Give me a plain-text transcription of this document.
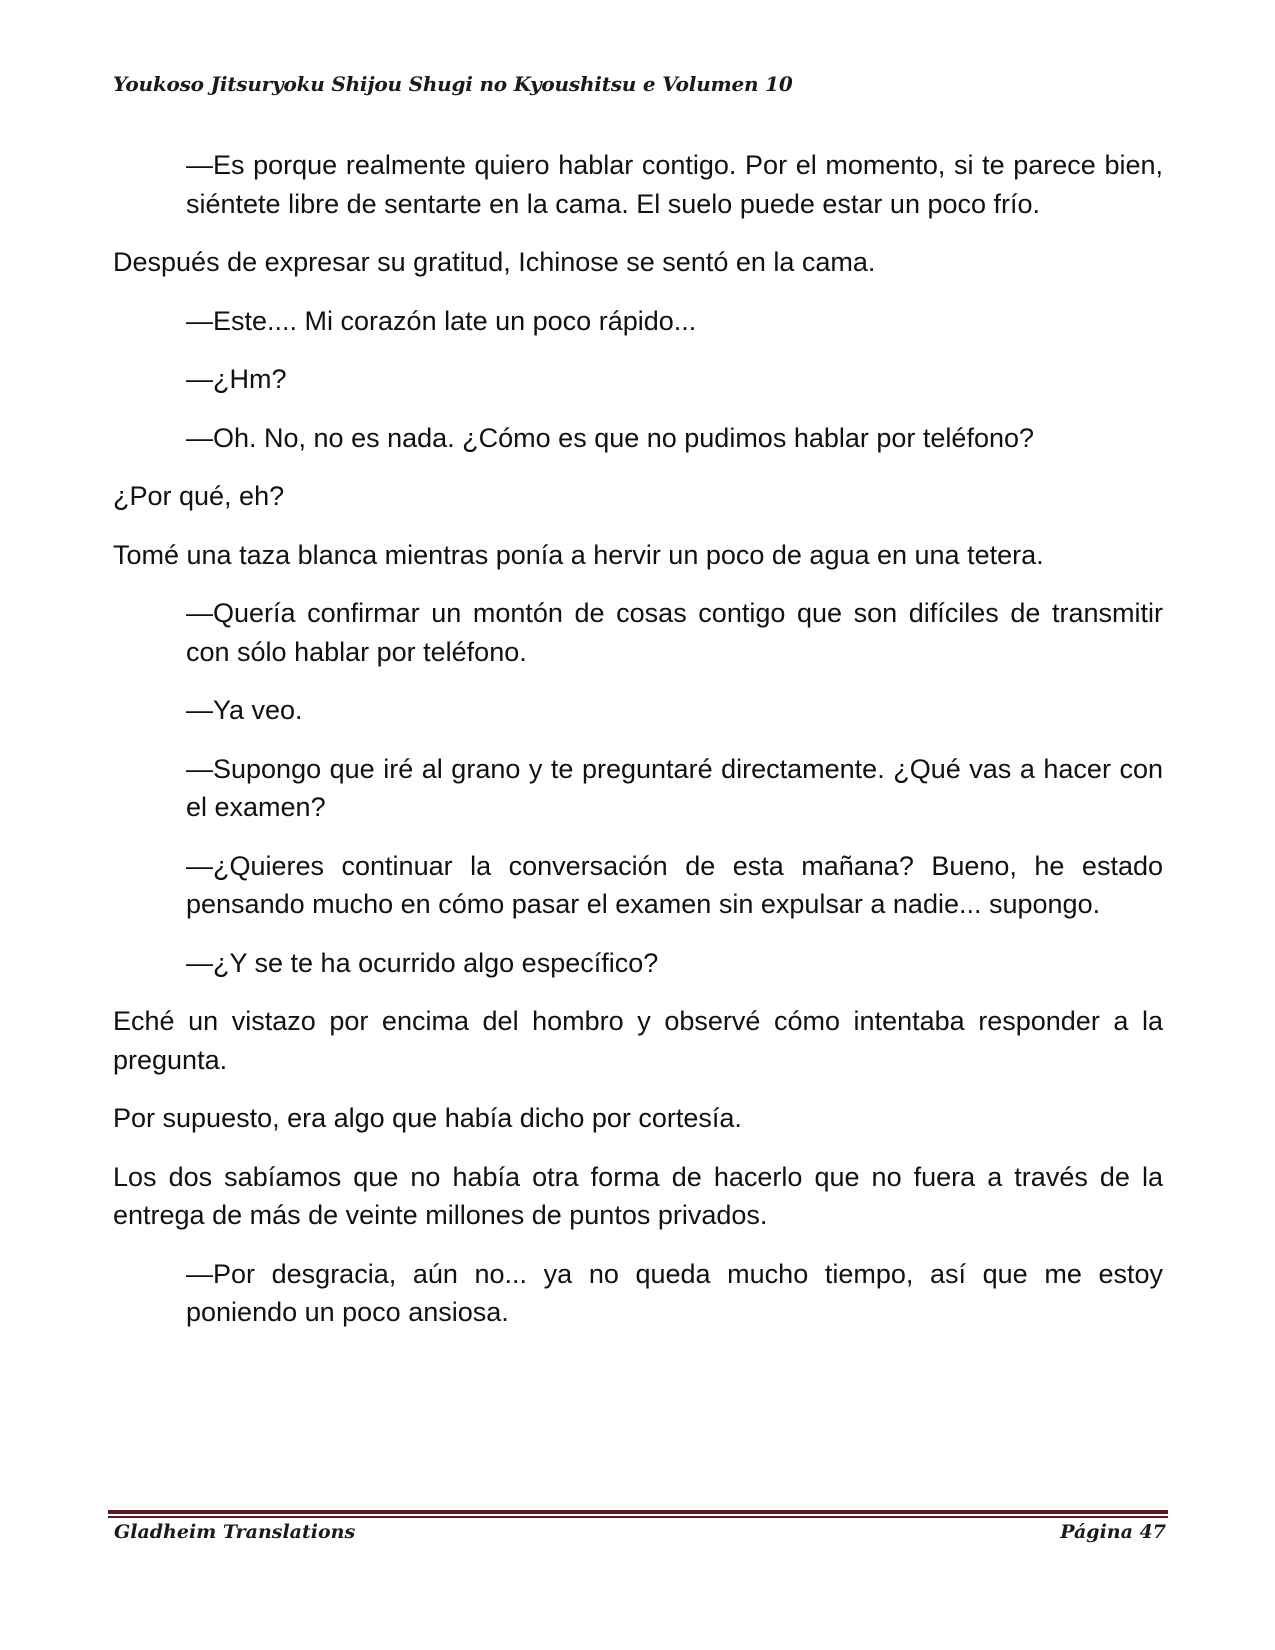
Youkoso Jitsuryoku Shijou Shugi no Kyoushitsu e Volumen 10

—Es porque realmente quiero hablar contigo. Por el momento, si te parece bien, siéntete libre de sentarte en la cama. El suelo puede estar un poco frío.

Después de expresar su gratitud, Ichinose se sentó en la cama.

—Este.... Mi corazón late un poco rápido...

—¿Hm?

—Oh. No, no es nada. ¿Cómo es que no pudimos hablar por teléfono?

¿Por qué, eh?

Tomé una taza blanca mientras ponía a hervir un poco de agua en una tetera.

—Quería confirmar un montón de cosas contigo que son difíciles de transmitir con sólo hablar por teléfono.

—Ya veo.

—Supongo que iré al grano y te preguntaré directamente. ¿Qué vas a hacer con el examen?

—¿Quieres continuar la conversación de esta mañana? Bueno, he estado pensando mucho en cómo pasar el examen sin expulsar a nadie... supongo.

—¿Y se te ha ocurrido algo específico?

Eché un vistazo por encima del hombro y observé cómo intentaba responder a la pregunta.

Por supuesto, era algo que había dicho por cortesía.

Los dos sabíamos que no había otra forma de hacerlo que no fuera a través de la entrega de más de veinte millones de puntos privados.

—Por desgracia, aún no... ya no queda mucho tiempo, así que me estoy poniendo un poco ansiosa.

Gladheim Translations	Página 47
